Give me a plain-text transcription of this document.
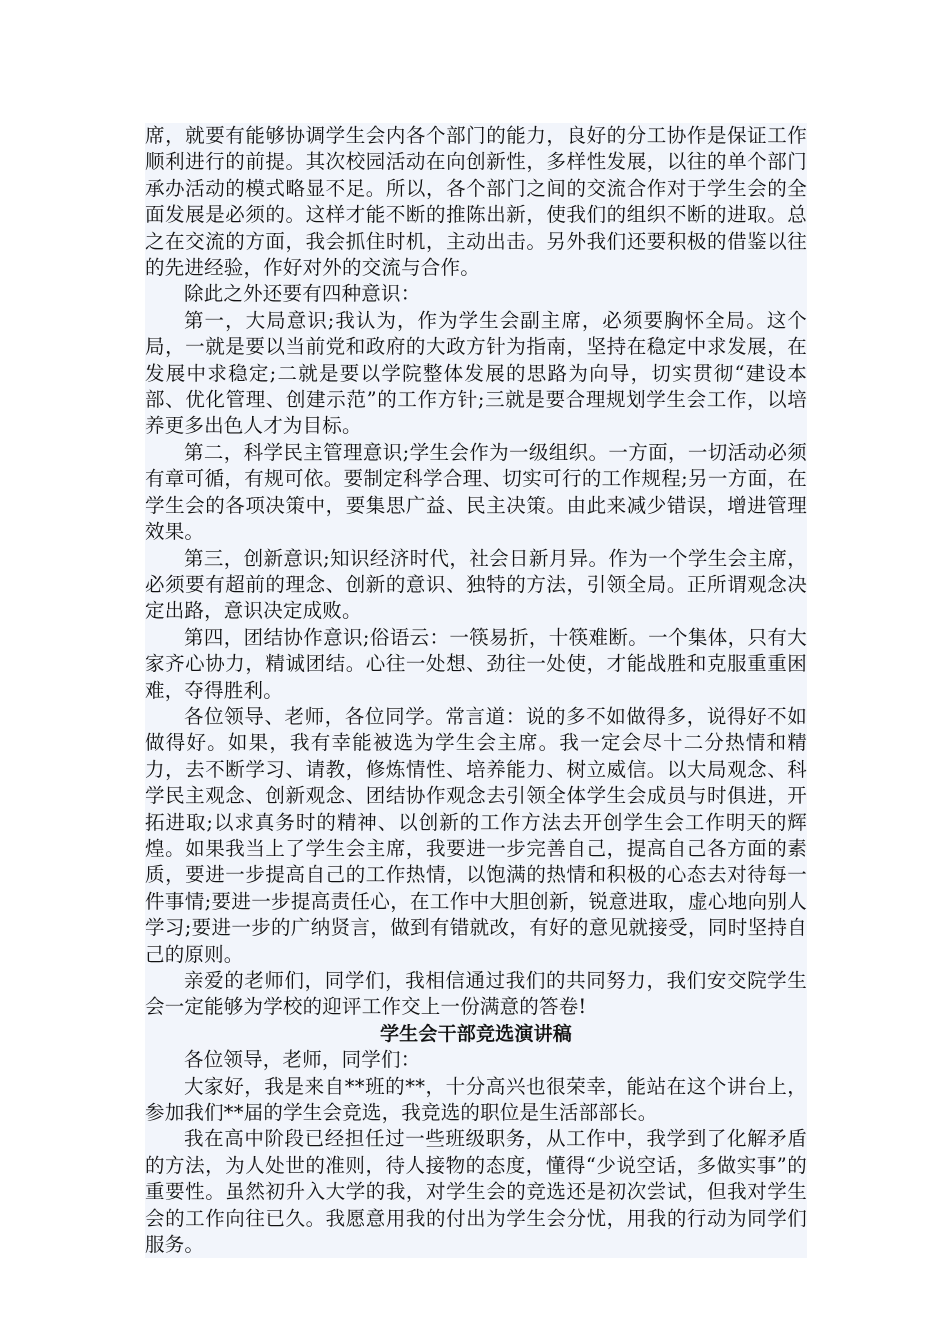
席，就要有能够协调学生会内各个部门的能力，良好的分工协作是保证工作顺利进行的前提。其次校园活动在向创新性，多样性发展，以往的单个部门承办活动的模式略显不足。所以，各个部门之间的交流合作对于学生会的全面发展是必须的。这样才能不断的推陈出新，使我们的组织不断的进取。总之在交流的方面，我会抓住时机，主动出击。另外我们还要积极的借鉴以往的先进经验，作好对外的交流与合作。

除此之外还要有四种意识：

第一，大局意识;我认为，作为学生会副主席，必须要胸怀全局。这个局，一就是要以当前党和政府的大政方针为指南，坚持在稳定中求发展，在发展中求稳定;二就是要以学院整体发展的思路为向导，切实贯彻“建设本部、优化管理、创建示范”的工作方针;三就是要合理规划学生会工作，以培养更多出色人才为目标。

第二，科学民主管理意识;学生会作为一级组织。一方面，一切活动必须有章可循，有规可依。要制定科学合理、切实可行的工作规程;另一方面，在学生会的各项决策中，要集思广益、民主决策。由此来减少错误，增进管理效果。

第三，创新意识;知识经济时代，社会日新月异。作为一个学生会主席，必须要有超前的理念、创新的意识、独特的方法，引领全局。正所谓观念决定出路，意识决定成败。

第四，团结协作意识;俗语云：一筷易折，十筷难断。一个集体，只有大家齐心协力，精诚团结。心往一处想、劲往一处使，才能战胜和克服重重困难，夺得胜利。

各位领导、老师，各位同学。常言道：说的多不如做得多，说得好不如做得好。如果，我有幸能被选为学生会主席。我一定会尽十二分热情和精力，去不断学习、请教，修炼情性、培养能力、树立威信。以大局观念、科学民主观念、创新观念、团结协作观念去引领全体学生会成员与时俱进，开拓进取;以求真务时的精神、以创新的工作方法去开创学生会工作明天的辉煌。如果我当上了学生会主席，我要进一步完善自己，提高自己各方面的素质，要进一步提高自己的工作热情，以饱满的热情和积极的心态去对待每一件事情;要进一步提高责任心，在工作中大胆创新，锐意进取，虚心地向别人学习;要进一步的广纳贤言，做到有错就改，有好的意见就接受，同时坚持自己的原则。

亲爱的老师们，同学们，我相信通过我们的共同努力，我们安交院学生会一定能够为学校的迎评工作交上一份满意的答卷!

学生会干部竞选演讲稿

各位领导，老师，同学们：

大家好，我是来自**班的**，十分高兴也很荣幸，能站在这个讲台上，参加我们**届的学生会竞选，我竞选的职位是生活部部长。

我在高中阶段已经担任过一些班级职务，从工作中，我学到了化解矛盾的方法，为人处世的准则，待人接物的态度，懂得“少说空话，多做实事”的重要性。虽然初升入大学的我，对学生会的竞选还是初次尝试，但我对学生会的工作向往已久。我愿意用我的付出为学生会分忧，用我的行动为同学们服务。
